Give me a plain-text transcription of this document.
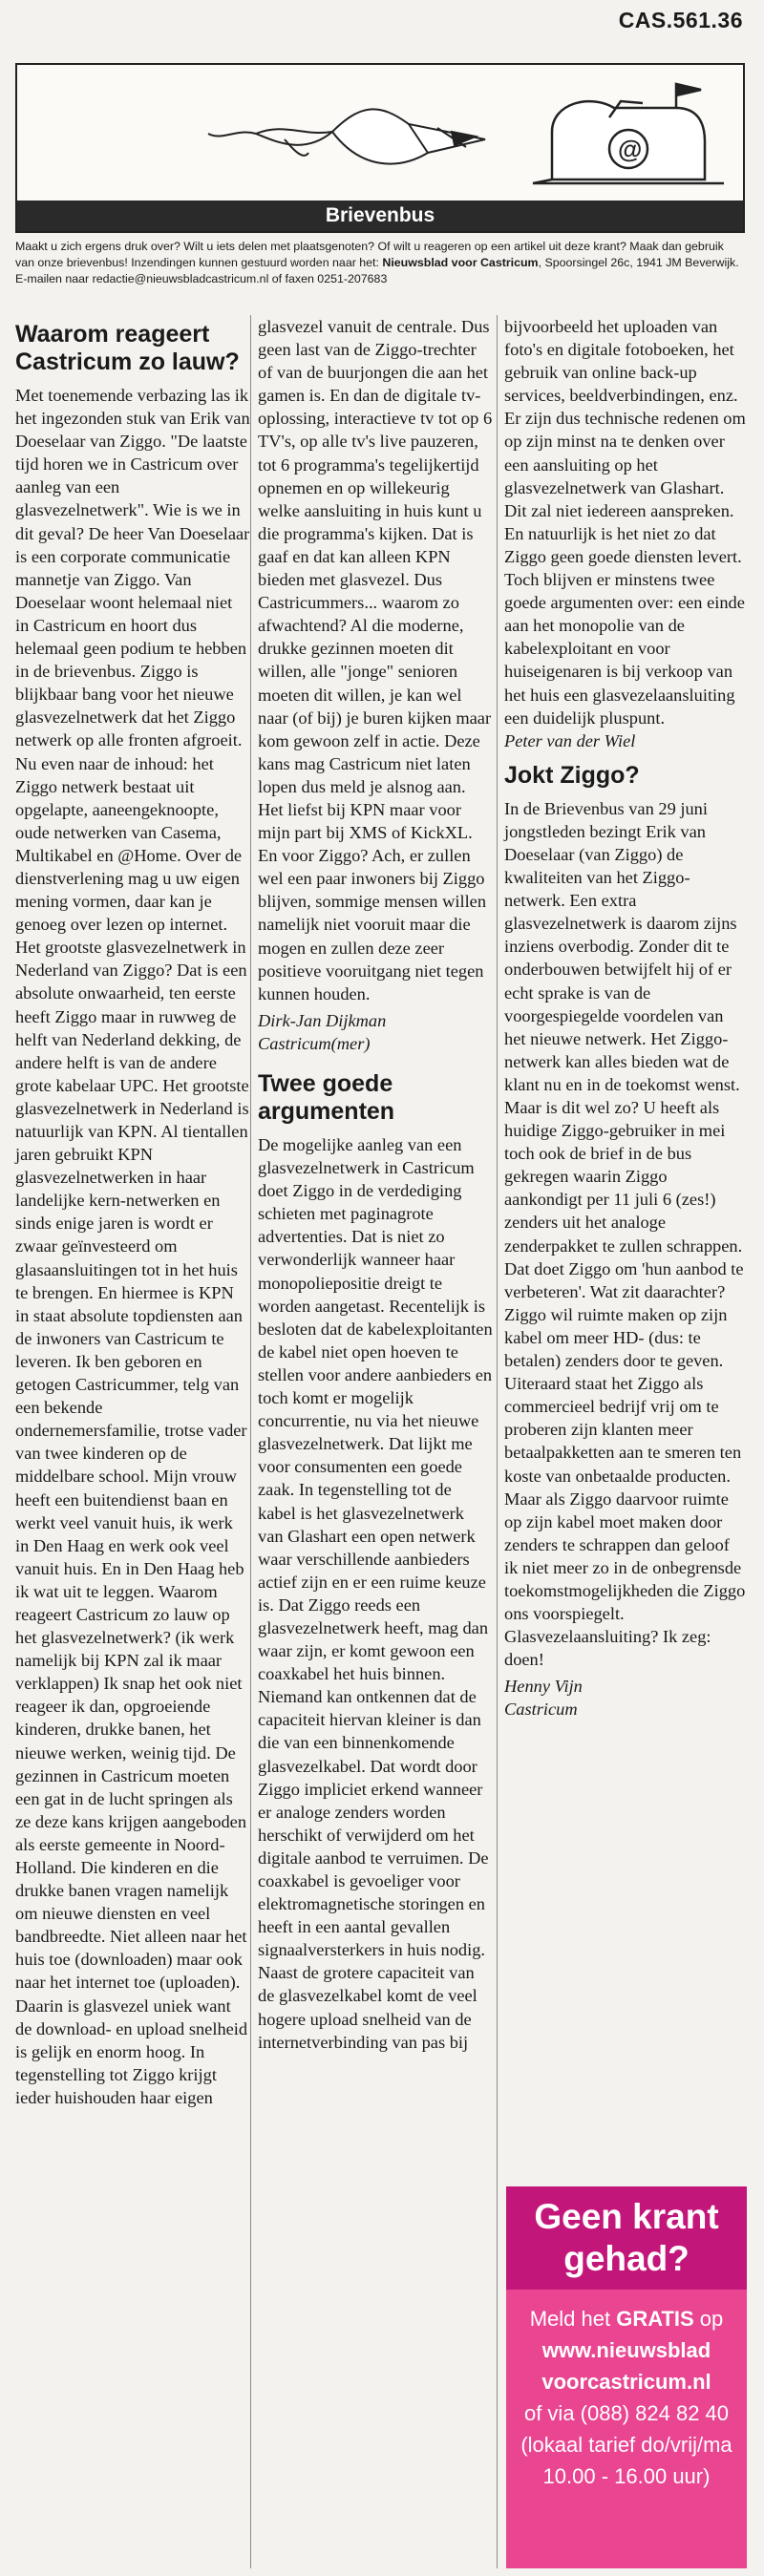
CAS.561.36
@
Brievenbus
Maakt u zich ergens druk over? Wilt u iets delen met plaatsgenoten? Of wilt u reageren op een artikel uit deze krant? Maak dan gebruik van onze brievenbus! Inzendingen kunnen gestuurd worden naar het: Nieuwsblad voor Castricum, Spoorsingel 26c, 1941 JM Beverwijk.
E-mailen naar redactie@nieuwsbladcastricum.nl of faxen 0251-207683
Waarom reageert Castricum zo lauw?

Met toenemende verbazing las ik het ingezonden stuk van Erik van Doeselaar van Ziggo. "De laatste tijd horen we in Castricum over aanleg van een glasvezelnetwerk". Wie is we in dit geval? De heer Van Doeselaar is een corporate communicatie mannetje van Ziggo. Van Doeselaar woont helemaal niet in Castricum en hoort dus helemaal geen podium te hebben in de brievenbus. Ziggo is blijkbaar bang voor het nieuwe glasvezelnetwerk dat het Ziggo netwerk op alle fronten afgroeit. Nu even naar de inhoud: het Ziggo netwerk bestaat uit opgelapte, aaneengeknoopte, oude netwerken van Casema, Multikabel en @Home. Over de dienstverlening mag u uw eigen mening vormen, daar kan je genoeg over lezen op internet. Het grootste glasvezelnetwerk in Nederland van Ziggo? Dat is een absolute onwaarheid, ten eerste heeft Ziggo maar in ruwweg de helft van Nederland dekking, de andere helft is van de andere grote kabelaar UPC. Het grootste glasvezelnetwerk in Nederland is natuurlijk van KPN. Al tientallen jaren gebruikt KPN glasvezelnetwerken in haar landelijke kern-netwerken en sinds enige jaren is wordt er zwaar geïnvesteerd om glasaansluitingen tot in het huis te brengen. En hiermee is KPN in staat absolute topdiensten aan de inwoners van Castricum te leveren. Ik ben geboren en getogen Castricummer, telg van een bekende ondernemersfamilie, trotse vader van twee kinderen op de middelbare school. Mijn vrouw heeft een buitendienst baan en werkt veel vanuit huis, ik werk in Den Haag en werk ook veel vanuit huis. En in Den Haag heb ik wat uit te leggen. Waarom reageert Castricum zo lauw op het glasvezelnetwerk? (ik werk namelijk bij KPN zal ik maar verklappen) Ik snap het ook niet reageer ik dan, opgroeiende kinderen, drukke banen, het nieuwe werken, weinig tijd. De gezinnen in Castricum moeten een gat in de lucht springen als ze deze kans krijgen aangeboden als eerste gemeente in Noord-Holland. Die kinderen en die drukke banen vragen namelijk om nieuwe diensten en veel bandbreedte. Niet alleen naar het huis toe (downloaden) maar ook naar het internet toe (uploaden). Daarin is glasvezel uniek want de download- en upload snelheid is gelijk en enorm hoog. In tegenstelling tot Ziggo krijgt ieder huishouden haar eigen

glasvezel vanuit de centrale. Dus geen last van de Ziggo-trechter of van de buurjongen die aan het gamen is. En dan de digitale tv-oplossing, interactieve tv tot op 6 TV's, op alle tv's live pauzeren, tot 6 programma's tegelijkertijd opnemen en op willekeurig welke aansluiting in huis kunt u die programma's kijken. Dat is gaaf en dat kan alleen KPN bieden met glasvezel. Dus Castricummers... waarom zo afwachtend? Al die moderne, drukke gezinnen moeten dit willen, alle "jonge" senioren moeten dit willen, je kan wel naar (of bij) je buren kijken maar kom gewoon zelf in actie. Deze kans mag Castricum niet laten lopen dus meld je alsnog aan. Het liefst bij KPN maar voor mijn part bij XMS of KickXL. En voor Ziggo? Ach, er zullen wel een paar inwoners bij Ziggo blijven, sommige mensen willen namelijk niet vooruit maar die mogen en zullen deze zeer positieve vooruitgang niet tegen kunnen houden.

Dirk-Jan Dijkman

Castricum(mer)

Twee goede argumenten

De mogelijke aanleg van een glasvezelnetwerk in Castricum doet Ziggo in de verdediging schieten met paginagrote advertenties. Dat is niet zo verwonderlijk wanneer haar monopoliepositie dreigt te worden aangetast. Recentelijk is besloten dat de kabelexploitanten de kabel niet open hoeven te stellen voor andere aanbieders en toch komt er mogelijk concurrentie, nu via het nieuwe glasvezelnetwerk. Dat lijkt me voor consumenten een goede zaak. In tegenstelling tot de kabel is het glasvezelnetwerk van Glashart een open netwerk waar verschillende aanbieders actief zijn en er een ruime keuze is. Dat Ziggo reeds een glasvezelnetwerk heeft, mag dan waar zijn, er komt gewoon een coaxkabel het huis binnen. Niemand kan ontkennen dat de capaciteit hiervan kleiner is dan die van een binnenkomende glasvezelkabel. Dat wordt door Ziggo impliciet erkend wanneer er analoge zenders worden herschikt of verwijderd om het digitale aanbod te verruimen. De coaxkabel is gevoeliger voor elektromagnetische storingen en heeft in een aantal gevallen signaalversterkers in huis nodig. Naast de grotere capaciteit van de glasvezelkabel komt de veel hogere upload snelheid van de internetverbinding van pas bij

bijvoorbeeld het uploaden van foto's en digitale fotoboeken, het gebruik van online back-up services, beeldverbindingen, enz. Er zijn dus technische redenen om op zijn minst na te denken over een aansluiting op het glasvezelnetwerk van Glashart. Dit zal niet iedereen aanspreken. En natuurlijk is het niet zo dat Ziggo geen goede diensten levert. Toch blijven er minstens twee goede argumenten over: een einde aan het monopolie van de kabelexploitant en voor huiseigenaren is bij verkoop van het huis een glasvezelaansluiting een duidelijk pluspunt.

Peter van der Wiel

Jokt Ziggo?

In de Brievenbus van 29 juni jongstleden bezingt Erik van Doeselaar (van Ziggo) de kwaliteiten van het Ziggo-netwerk. Een extra glasvezelnetwerk is daarom zijns inziens overbodig. Zonder dit te onderbouwen betwijfelt hij of er echt sprake is van de voorgespiegelde voordelen van het nieuwe netwerk. Het Ziggo-netwerk kan alles bieden wat de klant nu en in de toekomst wenst. Maar is dit wel zo? U heeft als huidige Ziggo-gebruiker in mei toch ook de brief in de bus gekregen waarin Ziggo aankondigt per 11 juli 6 (zes!) zenders uit het analoge zenderpakket te zullen schrappen. Dat doet Ziggo om 'hun aanbod te verbeteren'. Wat zit daarachter? Ziggo wil ruimte maken op zijn kabel om meer HD- (dus: te betalen) zenders door te geven. Uiteraard staat het Ziggo als commercieel bedrijf vrij om te proberen zijn klanten meer betaalpakketten aan te smeren ten koste van onbetaalde producten. Maar als Ziggo daarvoor ruimte op zijn kabel moet maken door zenders te schrappen dan geloof ik niet meer zo in de onbegrensde toekomstmogelijkheden die Ziggo ons voorspiegelt. Glasvezelaansluiting? Ik zeg: doen!

Henny Vijn

Castricum

Geen krant gehad?
Meld het GRATIS op
www.nieuwsblad
voorcastricum.nl
of via (088) 824 82 40
(lokaal tarief do/vrij/ma
10.00 - 16.00 uur)
